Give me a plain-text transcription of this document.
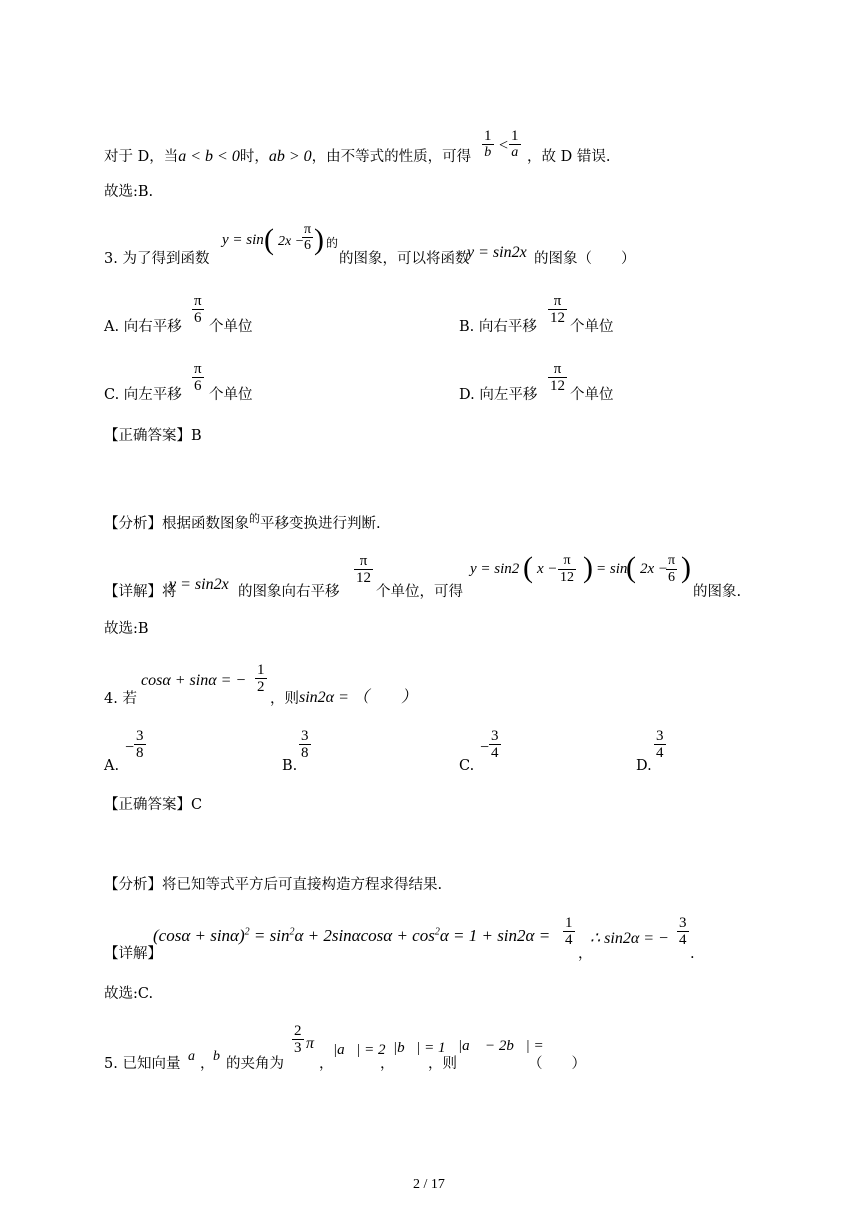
对于 D，当a < b < 0时，ab > 0，由不等式的性质，可得
1
b <
1
a ，故 D 错误.
故选:B.
3. 为了得到函数
y = sin ( 2x −
π
6 ) 的
的图象，可以将函数
y = sin2x 的图象（　　）
A. 向右平移
π
6
个单位	B. 向右平移
π
12
个单位
C. 向左平移
π
6
个单位	D. 向左平移
π
12
个单位
【正确答案】B
【分析】根据函数图象$^的$平移变换进行判断.
【详解】将
y = sin2x 的图象向右平移
π
12
个单位，可得
y = sin2 ( x −
π
12 ) = sin
( 2x −
π
6 )
的图象.
故选:B
4. 若
cosα + sinα = −
1
2
，则 sin2α = （　　）
A.
−
3
8
B.
3
8
C.
−
3
4
D.
3
4
【正确答案】C
【分析】将已知等式平方后可直接构造方程求得结果.
【详解】
$(\cos\alpha + \sin\alpha)^2 = \sin^2\alpha + 2\sin\alpha\cos\alpha + \cos^2\alpha = 1 + \sin 2\alpha$ =
1
4
，
∴ sin2α = −
3
4
.
故选:C.
5. 已知向量 a⃗
，
b⃗
的夹角为
2
3 π
，
|a⃗| = 2
，
|b⃗| = 1
，则
|a⃗ − 2b⃗| =
（　　）
2 / 17
